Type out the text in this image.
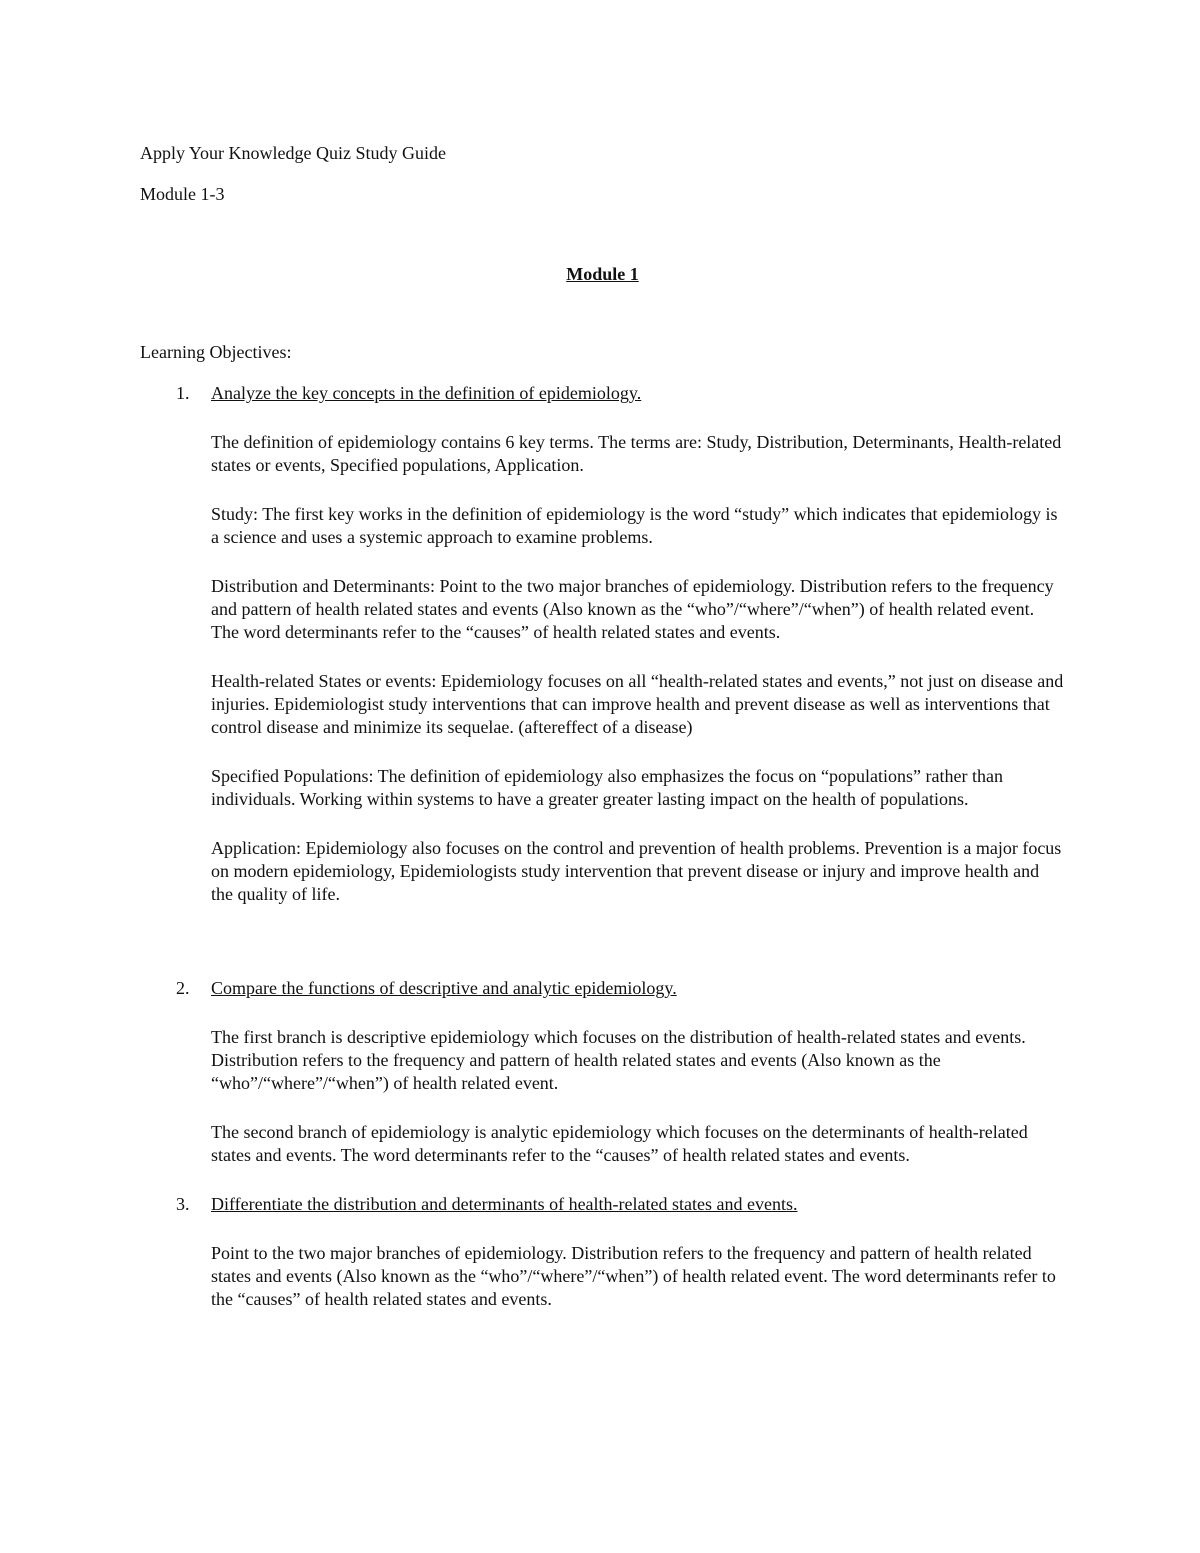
Apply Your Knowledge Quiz Study Guide

Module 1-3

Module 1

Learning Objectives:

1. Analyze the key concepts in the definition of epidemiology.

The definition of epidemiology contains 6 key terms. The terms are: Study, Distribution, Determinants, Health-related states or events, Specified populations, Application.

Study: The first key works in the definition of epidemiology is the word “study” which indicates that epidemiology is a science and uses a systemic approach to examine problems.

Distribution and Determinants: Point to the two major branches of epidemiology. Distribution refers to the frequency and pattern of health related states and events (Also known as the “who”/“where”/“when”) of health related event. The word determinants refer to the “causes” of health related states and events.

Health-related States or events: Epidemiology focuses on all “health-related states and events,” not just on disease and injuries. Epidemiologist study interventions that can improve health and prevent disease as well as interventions that control disease and minimize its sequelae. (aftereffect of a disease)

Specified Populations: The definition of epidemiology also emphasizes the focus on “populations” rather than individuals. Working within systems to have a greater greater lasting impact on the health of populations.

Application: Epidemiology also focuses on the control and prevention of health problems. Prevention is a major focus on modern epidemiology, Epidemiologists study intervention that prevent disease or injury and improve health and the quality of life.

2. Compare the functions of descriptive and analytic epidemiology.

The first branch is descriptive epidemiology which focuses on the distribution of health-related states and events. Distribution refers to the frequency and pattern of health related states and events (Also known as the “who”/“where”/“when”) of health related event.

The second branch of epidemiology is analytic epidemiology which focuses on the determinants of health-related states and events. The word determinants refer to the “causes” of health related states and events.

3. Differentiate the distribution and determinants of health-related states and events.

Point to the two major branches of epidemiology. Distribution refers to the frequency and pattern of health related states and events (Also known as the “who”/“where”/“when”) of health related event. The word determinants refer to the “causes” of health related states and events.
